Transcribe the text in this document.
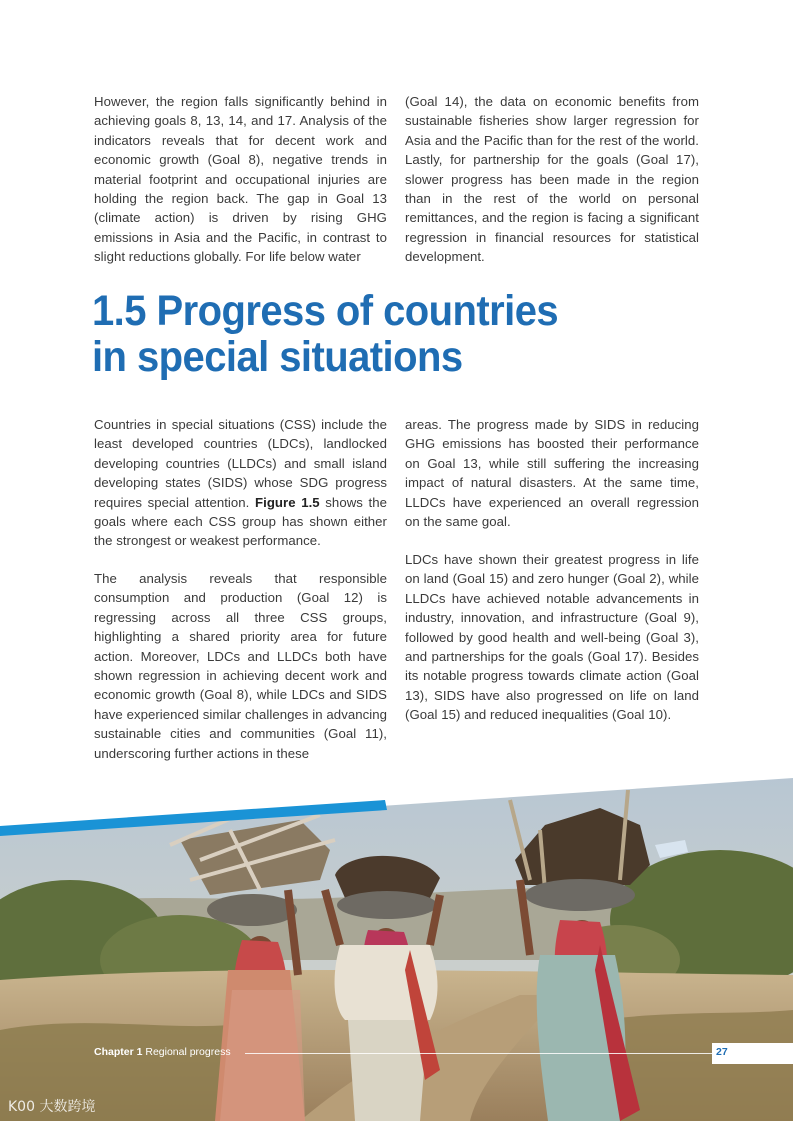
However, the region falls significantly behind in achieving goals 8, 13, 14, and 17. Analysis of the indicators reveals that for decent work and economic growth (Goal 8), negative trends in material footprint and occupational injuries are holding the region back. The gap in Goal 13 (climate action) is driven by rising GHG emissions in Asia and the Pacific, in contrast to slight reductions globally. For life below water

(Goal 14), the data on economic benefits from sustainable fisheries show larger regression for Asia and the Pacific than for the rest of the world. Lastly, for partnership for the goals (Goal 17), slower progress has been made in the region than in the rest of the world on personal remittances, and the region is facing a significant regression in financial resources for statistical development.

1.5 Progress of countries
in special situations

Countries in special situations (CSS) include the least developed countries (LDCs), landlocked developing countries (LLDCs) and small island developing states (SIDS) whose SDG progress requires special attention. Figure 1.5 shows the goals where each CSS group has shown either the strongest or weakest performance.

The analysis reveals that responsible consumption and production (Goal 12) is regressing across all three CSS groups, highlighting a shared priority area for future action. Moreover, LDCs and LLDCs both have shown regression in achieving decent work and economic growth (Goal 8), while LDCs and SIDS have experienced similar challenges in advancing sustainable cities and communities (Goal 11), underscoring further actions in these

areas. The progress made by SIDS in reducing GHG emissions has boosted their performance on Goal 13, while still suffering the increasing impact of natural disasters. At the same time, LLDCs have experienced an overall regression on the same goal.

LDCs have shown their greatest progress in life on land (Goal 15) and zero hunger (Goal 2), while LLDCs have achieved notable advancements in industry, innovation, and infrastructure (Goal 9), followed by good health and well-being (Goal 3), and partnerships for the goals (Goal 17). Besides its notable progress towards climate action (Goal 13), SIDS have also progressed on life on land (Goal 15) and reduced inequalities (Goal 10).

Chapter 1 Regional progress	27
K00 大数跨境
